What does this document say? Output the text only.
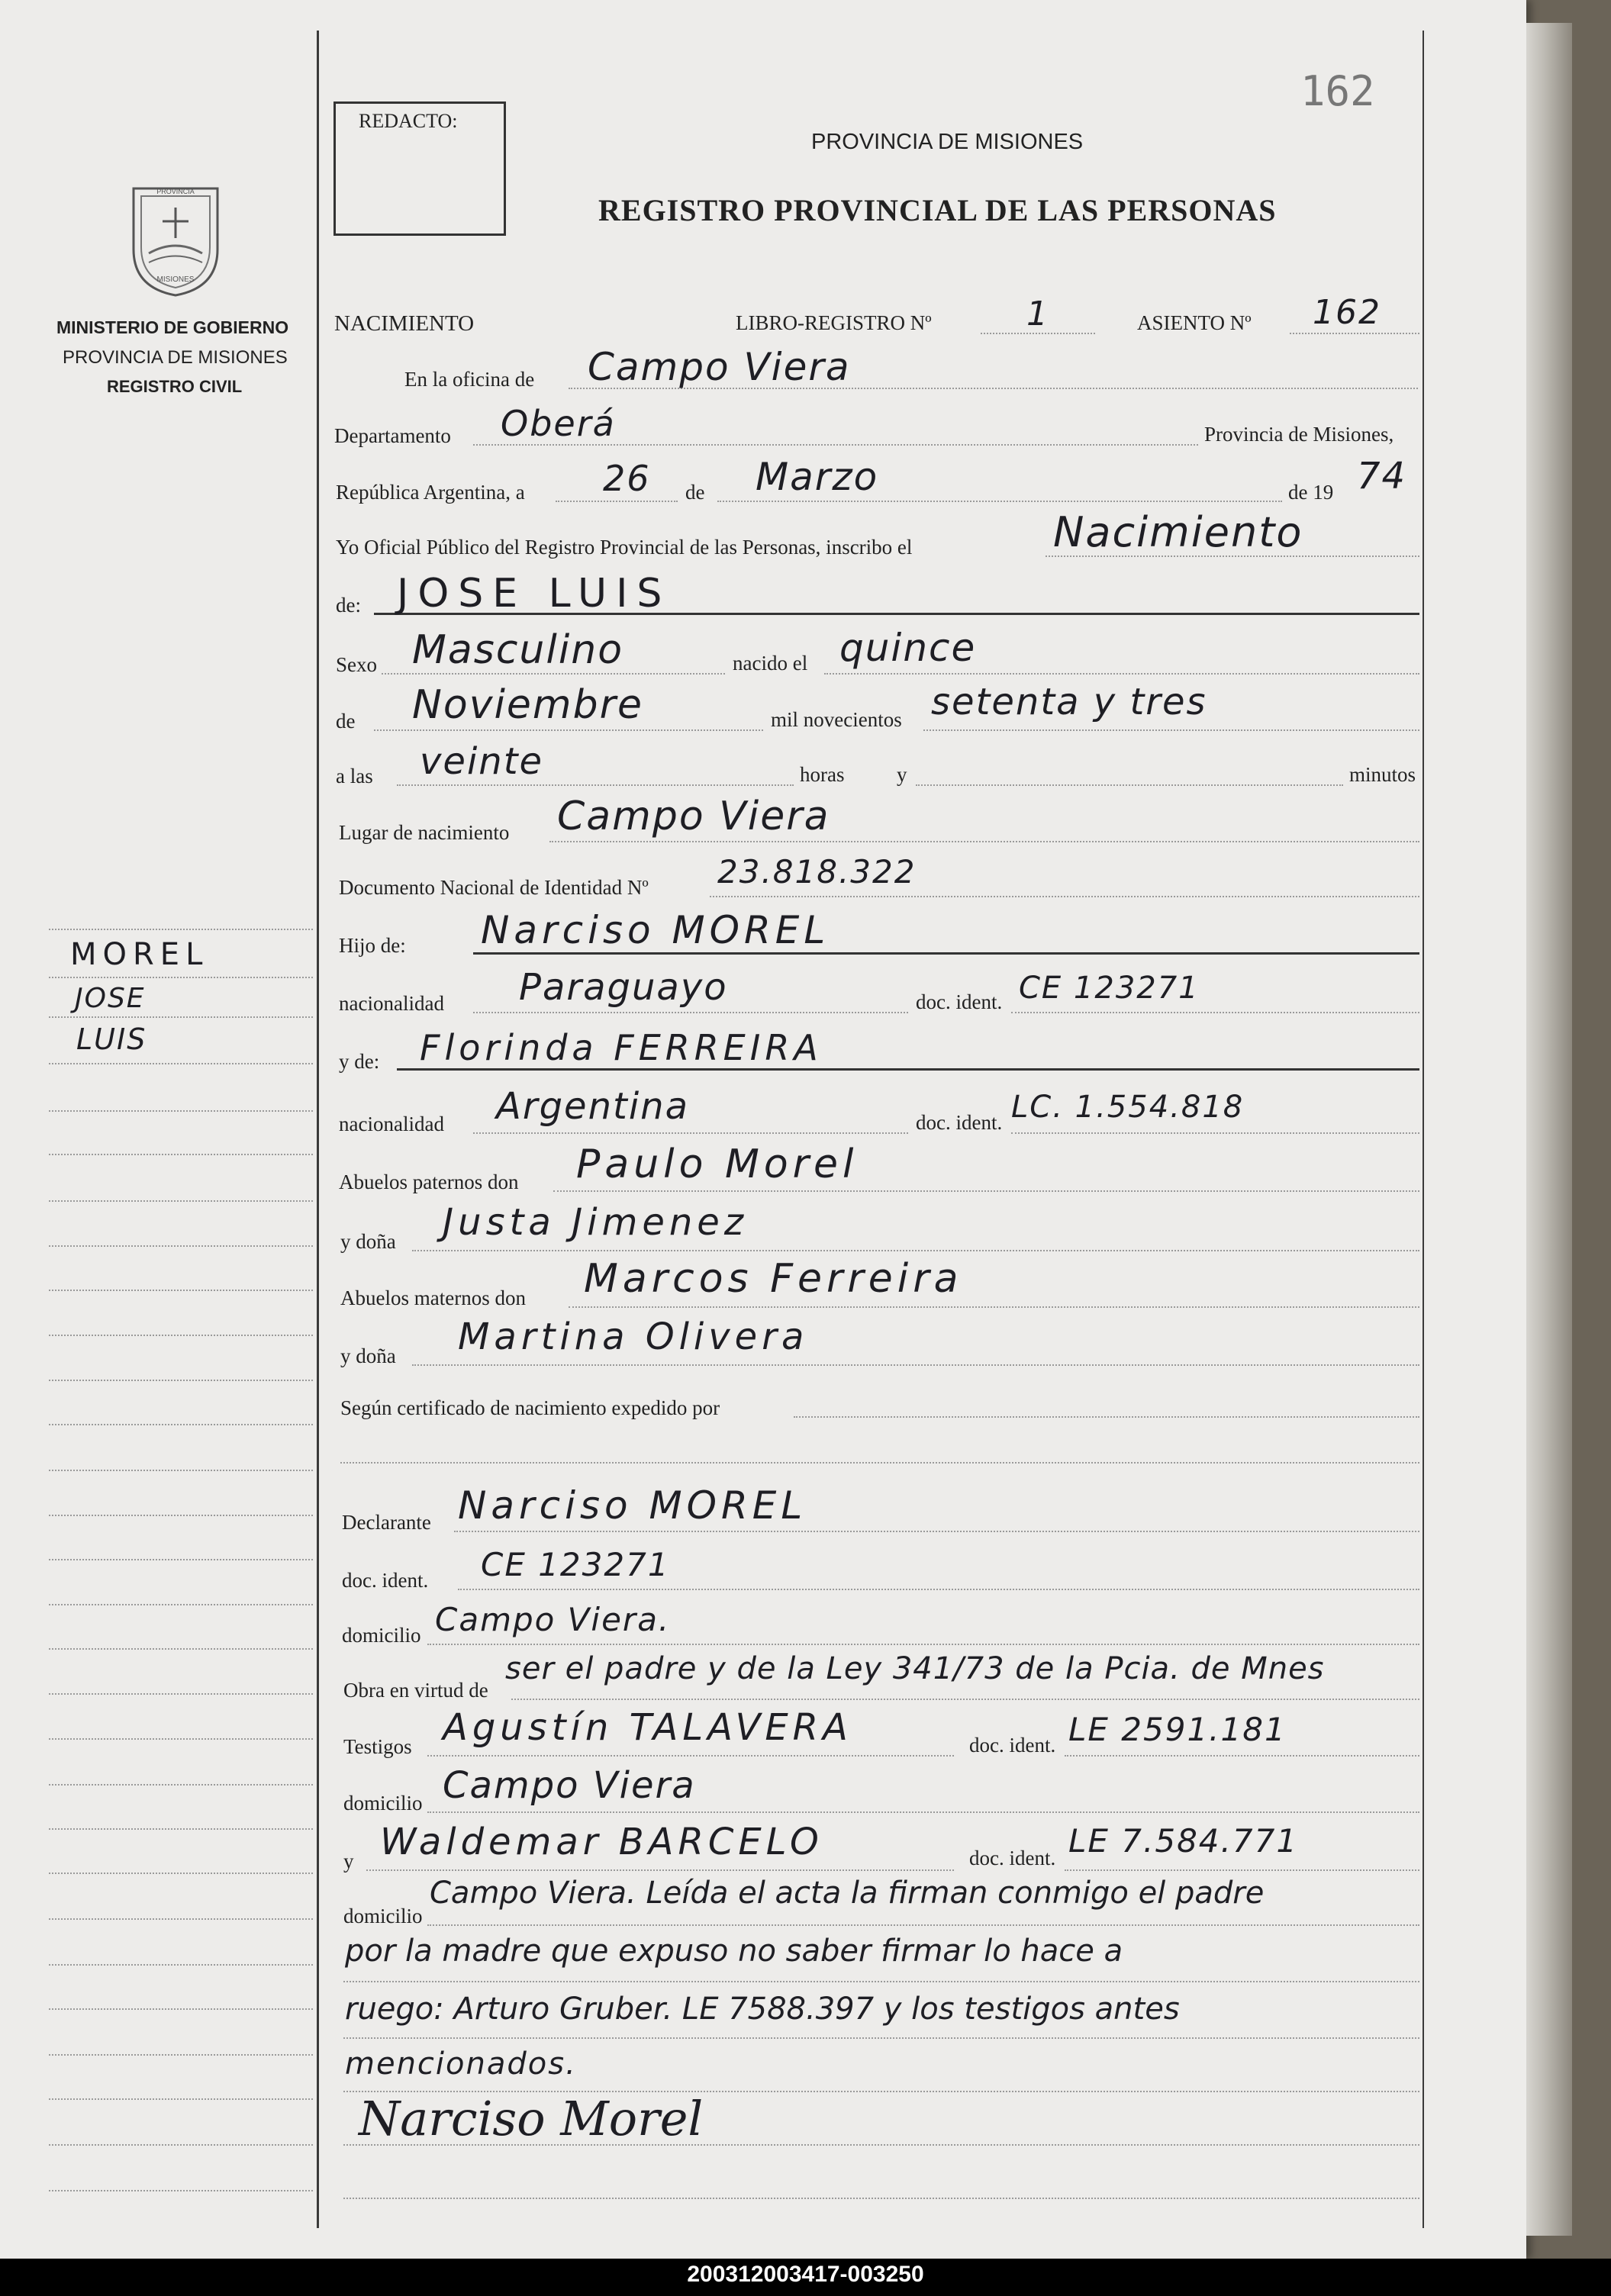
162
REDACTO:
PROVINCIA DE MISIONES
REGISTRO PROVINCIAL DE LAS PERSONAS
PROVINCIA
MISIONES
MINISTERIO DE GOBIERNO
PROVINCIA DE MISIONES
REGISTRO CIVIL
MOREL
JOSE
LUIS
NACIMIENTO	LIBRO-REGISTRO Nº	1	ASIENTO Nº 162
En la oficina de Campo Viera
Departamento Oberá	Provincia de Misiones,
República Argentina, a 26 de Marzo	de 19 74
Yo Oficial Público del Registro Provincial de las Personas, inscribo el	Nacimiento
de: JOSE LUIS
Sexo Masculino	nacido el quince
de Noviembre	mil novecientos setenta y tres
a las veinte	horas	y	minutos
Lugar de nacimiento Campo Viera
Documento Nacional de Identidad Nº 23.818.322
Hijo de: Narciso MOREL
nacionalidad Paraguayo	doc. ident. CE 123271
y de: Florinda FERREIRA
nacionalidad Argentina	doc. ident. LC. 1.554.818
Abuelos paternos don Paulo Morel
y doña Justa Jimenez
Abuelos maternos don Marcos Ferreira
y doña Martina Olivera
Según certificado de nacimiento expedido por
Declarante Narciso MOREL
doc. ident. CE 123271
domicilio Campo Viera.
Obra en virtud de
ser el padre y de la Ley 341/73 de la Pcia. de Mnes
Testigos Agustín TALAVERA	doc. ident. LE 2591.181
domicilio Campo Viera
y Waldemar BARCELO	doc. ident. LE 7.584.771
domicilio
Campo Viera. Leída el acta la firman conmigo el padre
por la madre que expuso no saber firmar lo hace a
ruego: Arturo Gruber. LE 7588.397 y los testigos antes
mencionados.
Narciso Morel
200312003417-003250
